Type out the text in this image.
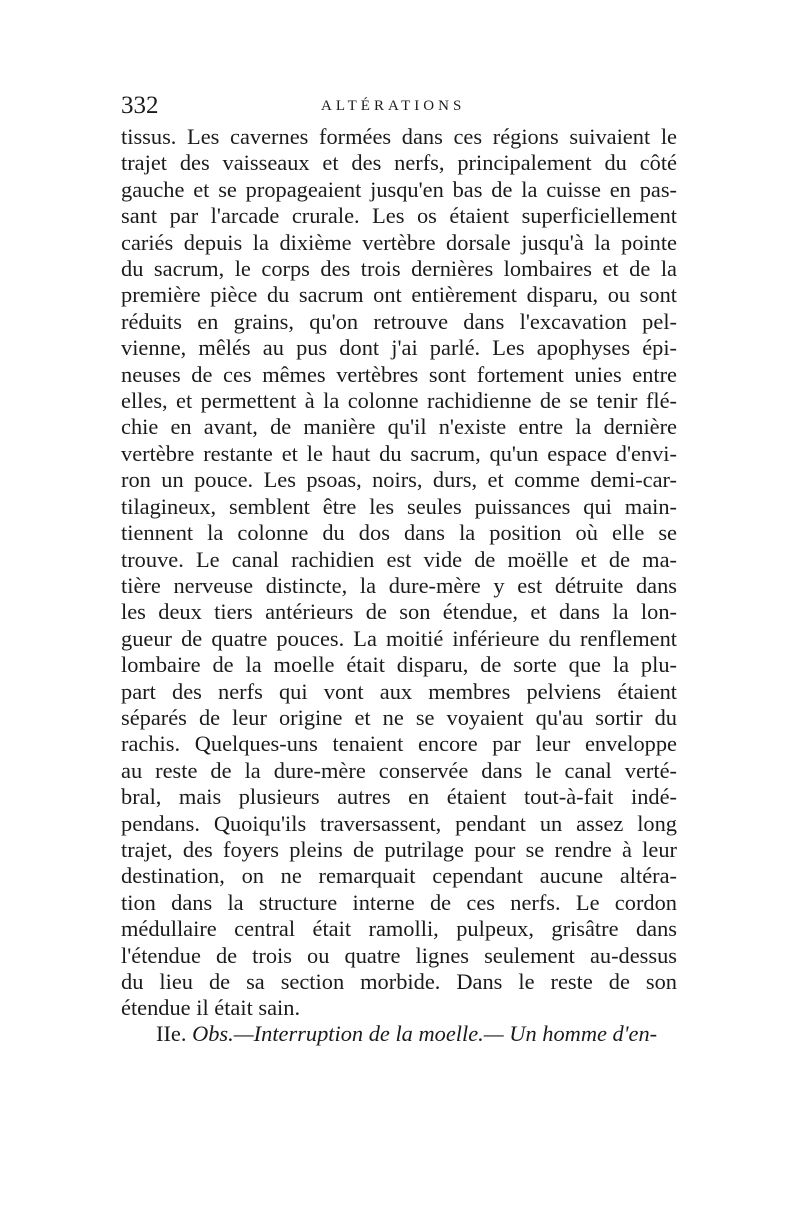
332	ALTÉRATIONS
tissus. Les cavernes formées dans ces régions suivaient le
trajet des vaisseaux et des nerfs, principalement du côté
gauche et se propageaient jusqu'en bas de la cuisse en pas-
sant par l'arcade crurale. Les os étaient superficiellement
cariés depuis la dixième vertèbre dorsale jusqu'à la pointe
du sacrum, le corps des trois dernières lombaires et de la
première pièce du sacrum ont entièrement disparu, ou sont
réduits en grains, qu'on retrouve dans l'excavation pel-
vienne, mêlés au pus dont j'ai parlé. Les apophyses épi-
neuses de ces mêmes vertèbres sont fortement unies entre
elles, et permettent à la colonne rachidienne de se tenir flé-
chie en avant, de manière qu'il n'existe entre la dernière
vertèbre restante et le haut du sacrum, qu'un espace d'envi-
ron un pouce. Les psoas, noirs, durs, et comme demi-car-
tilagineux, semblent être les seules puissances qui main-
tiennent la colonne du dos dans la position où elle se
trouve. Le canal rachidien est vide de moëlle et de ma-
tière nerveuse distincte, la dure-mère y est détruite dans
les deux tiers antérieurs de son étendue, et dans la lon-
gueur de quatre pouces. La moitié inférieure du renflement
lombaire de la moelle était disparu, de sorte que la plu-
part des nerfs qui vont aux membres pelviens étaient
séparés de leur origine et ne se voyaient qu'au sortir du
rachis. Quelques-uns tenaient encore par leur enveloppe
au reste de la dure-mère conservée dans le canal verté-
bral, mais plusieurs autres en étaient tout-à-fait indé-
pendans. Quoiqu'ils traversassent, pendant un assez long
trajet, des foyers pleins de putrilage pour se rendre à leur
destination, on ne remarquait cependant aucune altéra-
tion dans la structure interne de ces nerfs. Le cordon
médullaire central était ramolli, pulpeux, grisâtre dans
l'étendue de trois ou quatre lignes seulement au-dessus
du lieu de sa section morbide. Dans le reste de son
étendue il était sain.
IIe. Obs.—Interruption de la moelle.— Un homme d'en-
